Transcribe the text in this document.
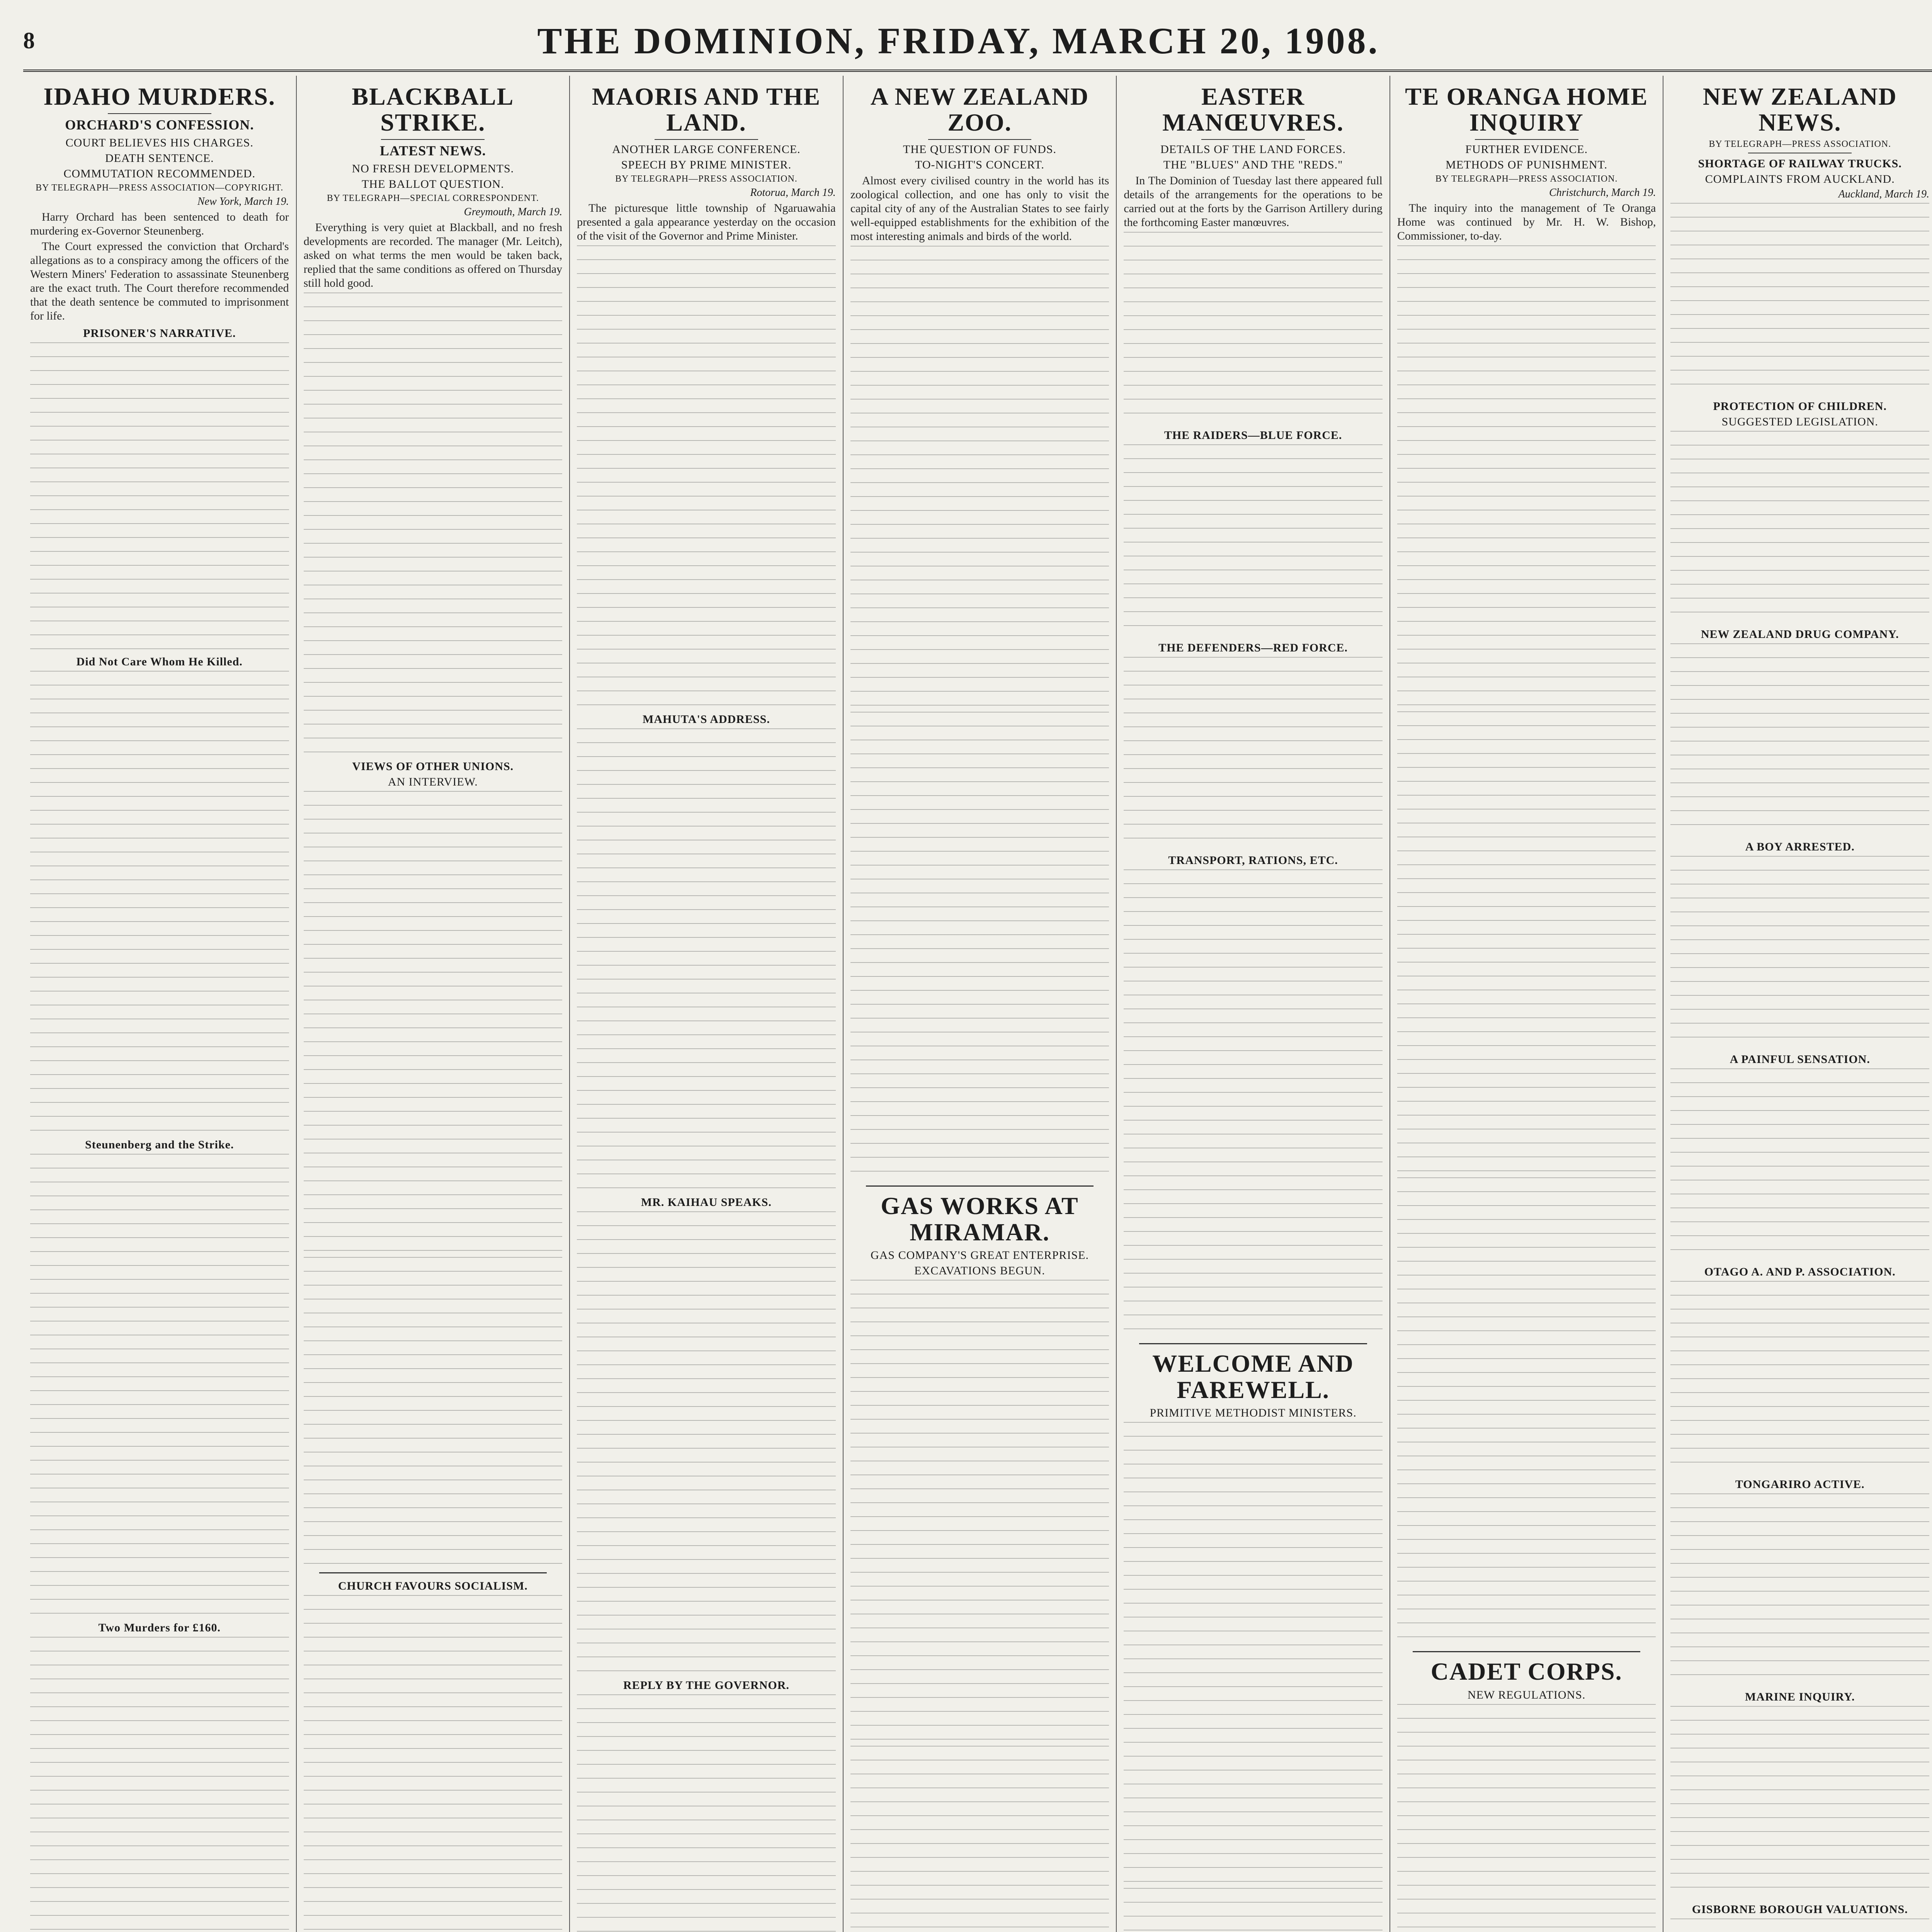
8	THE DOMINION, FRIDAY, MARCH 20, 1908.
IDAHO MURDERS.
ORCHARD'S CONFESSION.
COURT BELIEVES HIS CHARGES.
DEATH SENTENCE.
COMMUTATION RECOMMENDED.
BY TELEGRAPH—PRESS ASSOCIATION—COPYRIGHT.
New York, March 19.

Harry Orchard has been sentenced to death for murdering ex-Governor Steunenberg.

The Court expressed the conviction that Orchard's allegations as to a conspiracy among the officers of the Western Miners' Federation to assassinate Steunenberg are the exact truth. The Court therefore recommended that the death sentence be commuted to imprisonment for life.

PRISONER'S NARRATIVE.
Did Not Care Whom He Killed.
Steunenberg and the Strike.
Two Murders for £160.
BLACKBALL STRIKE.
LATEST NEWS.
NO FRESH DEVELOPMENTS.
THE BALLOT QUESTION.
BY TELEGRAPH—SPECIAL CORRESPONDENT.
Greymouth, March 19.

Everything is very quiet at Blackball, and no fresh developments are recorded. The manager (Mr. Leitch), asked on what terms the men would be taken back, replied that the same conditions as offered on Thursday still hold good.

VIEWS OF OTHER UNIONS.
AN INTERVIEW.
CHURCH FAVOURS SOCIALISM.
MAORIS AND THE LAND.
ANOTHER LARGE CONFERENCE.
SPEECH BY PRIME MINISTER.
BY TELEGRAPH—PRESS ASSOCIATION.
Rotorua, March 19.

The picturesque little township of Ngaruawahia presented a gala appearance yesterday on the occasion of the visit of the Governor and Prime Minister.

MAHUTA'S ADDRESS.
MR. KAIHAU SPEAKS.
REPLY BY THE GOVERNOR.
A NEW ZEALAND ZOO.
THE QUESTION OF FUNDS.
TO-NIGHT'S CONCERT.

Almost every civilised country in the world has its zoological collection, and one has only to visit the capital city of any of the Australian States to see fairly well-equipped establishments for the exhibition of the most interesting animals and birds of the world.

GAS WORKS AT MIRAMAR.
GAS COMPANY'S GREAT ENTERPRISE.
EXCAVATIONS BEGUN.
EASTER MANŒUVRES.
DETAILS OF THE LAND FORCES.
THE "BLUES" AND THE "REDS."

In The Dominion of Tuesday last there appeared full details of the arrangements for the operations to be carried out at the forts by the Garrison Artillery during the forthcoming Easter manœuvres.

THE RAIDERS—BLUE FORCE.
THE DEFENDERS—RED FORCE.
TRANSPORT, RATIONS, ETC.
WELCOME AND FAREWELL.
PRIMITIVE METHODIST MINISTERS.
TE ORANGA HOME INQUIRY
FURTHER EVIDENCE.
METHODS OF PUNISHMENT.
BY TELEGRAPH—PRESS ASSOCIATION.
Christchurch, March 19.

The inquiry into the management of Te Oranga Home was continued by Mr. H. W. Bishop, Commissioner, to-day.

CADET CORPS.
NEW REGULATIONS.
NEW ZEALAND NEWS.
BY TELEGRAPH—PRESS ASSOCIATION.
SHORTAGE OF RAILWAY TRUCKS.
COMPLAINTS FROM AUCKLAND.
Auckland, March 19.
PROTECTION OF CHILDREN.
SUGGESTED LEGISLATION.
NEW ZEALAND DRUG COMPANY.
A BOY ARRESTED.
A PAINFUL SENSATION.
OTAGO A. AND P. ASSOCIATION.
TONGARIRO ACTIVE.
MARINE INQUIRY.
GISBORNE BOROUGH VALUATIONS.
